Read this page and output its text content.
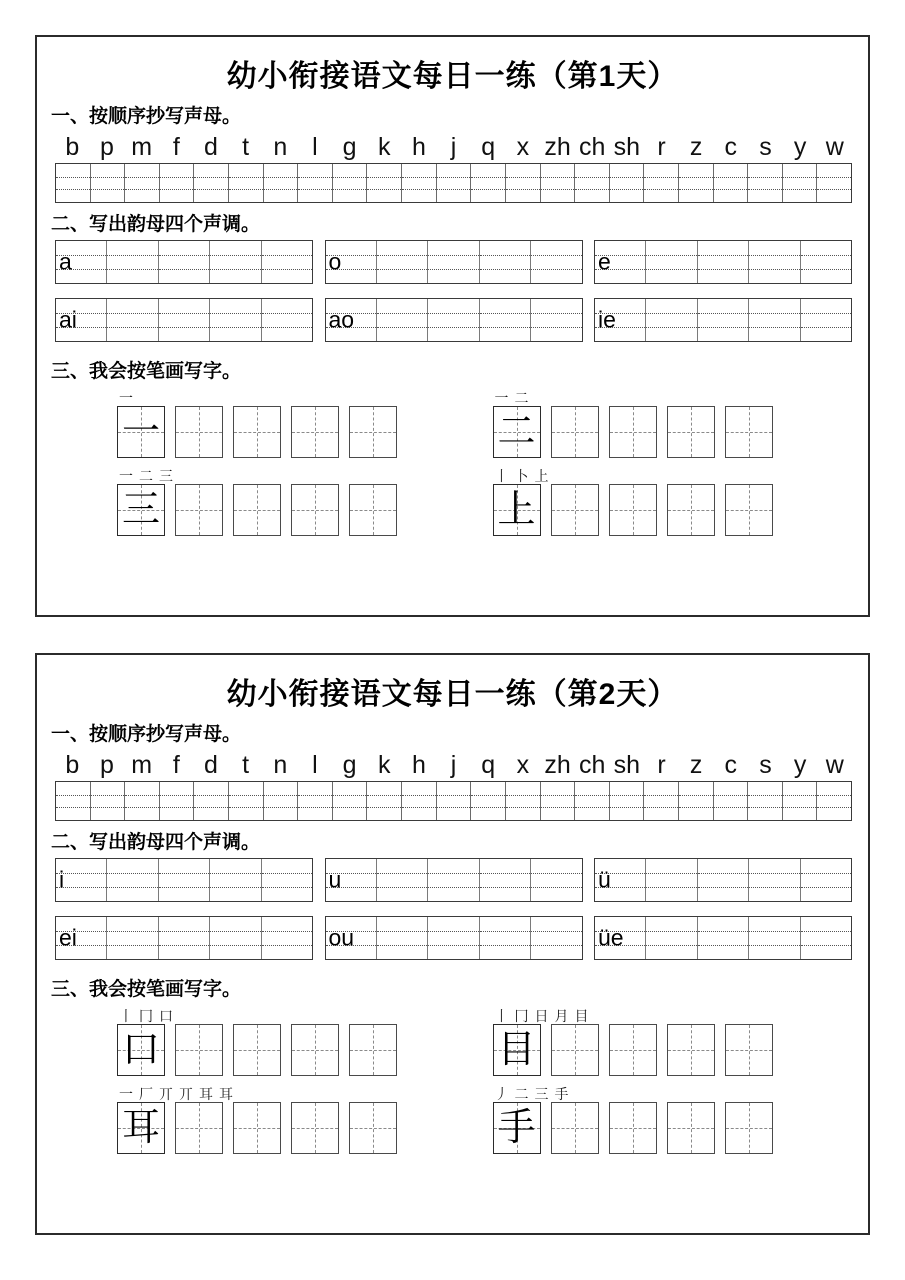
幼小衔接语文每日一练（第1天）
一、按顺序抄写声母。
b p m f d t n l g k h j q x zh ch sh r z c s y w
二、写出韵母四个声调。
a	o	e
ai	ao	ie
三、我会按笔画写字。
一
一
一 二
二
一 二 三
三
丨 卜 上
上
幼小衔接语文每日一练（第2天）
一、按顺序抄写声母。
b p m f d t n l g k h j q x zh ch sh r z c s y w
二、写出韵母四个声调。
i	u	ü
ei	ou	üe
三、我会按笔画写字。
丨 冂 口
口
丨 冂 日 月 目
目
一 厂 丌 丌 耳 耳
耳
丿 二 三 手
手
